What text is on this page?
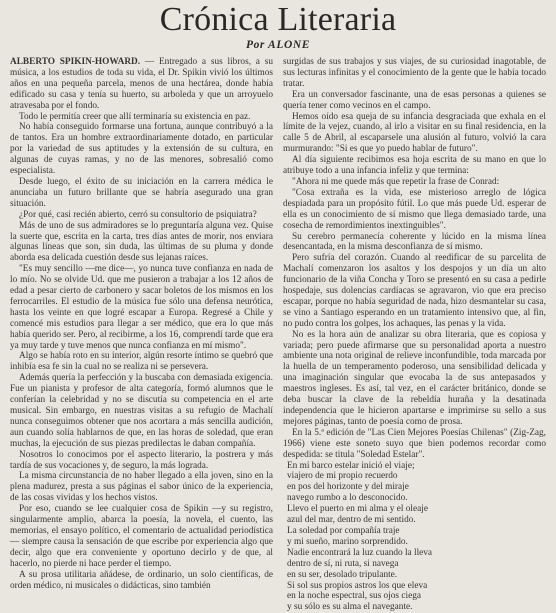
Crónica Literaria
Por ALONE

ALBERTO SPIKIN-HOWARD. — Entregado a sus libros, a su música, a los estudios de toda su vida, el Dr. Spikin vivió los últimos años en una pequeña parcela, menos de una hectárea, donde había edificado su casa y tenía su huerto, su arboleda y que un arroyuelo atravesaba por el fondo.

Todo le permitía creer que allí terminaría su existencia en paz.

No había conseguido formarse una fortuna, aunque contribuyó a la de tantos. Era un hombre extraordinariamente dotado, en particular por la variedad de sus aptitudes y la extensión de su cultura, en algunas de cuyas ramas, y no de las menores, sobresalió como especialista.

Desde luego, el éxito de su iniciación en la carrera médica le anunciaba un futuro brillante que se habría asegurado una gran situación.

¿Por qué, casi recién abierto, cerró su consultorio de psiquiatra?

Más de uno de sus admiradores se lo preguntaría alguna vez. Quise la suerte que, escrita en la carta, tres días antes de morir, nos enviara algunas líneas que son, sin duda, las últimas de su pluma y donde aborda esa delicada cuestión desde sus lejanas raíces.

"Es muy sencillo —me dice—, yo nunca tuve confianza en nada de lo mío. No se olvide Ud. que me pusieron a trabajar a los 12 años de edad a pesar cierto de carbonero y sacar boletos de los mismos en los ferrocarriles. El estudio de la música fue sólo una defensa neurótica, hasta los veinte en que logré escapar a Europa. Regresé a Chile y comencé mis estudios para llegar a ser médico, que era lo que más había querido ser. Pero, al recibirme, a los 16, comprendí tarde que era ya muy tarde y tuve menos que nunca confianza en mí mismo".

Algo se había roto en su interior, algún resorte íntimo se quebró que inhibía esa fe sin la cual no se realiza ni se persevera.

Además quería la perfección y la buscaba con demasiada exigencia. Fue un pianista y profesor de alta categoría, formó alumnos que le conferían la celebridad y no se discutía su competencia en el arte musical. Sin embargo, en nuestras visitas a su refugio de Machalí nunca conseguimos obtener que nos acortara a más sencilla audición, aun cuando solía hablarnos de que, en las horas de soledad, que eran muchas, la ejecución de sus piezas predilectas le daban compañía.

Nosotros lo conocimos por el aspecto literario, la postrera y más tardía de sus vocaciones y, de seguro, la más lograda.

La misma circunstancia de no haber llegado a ella joven, sino en la plena madurez, presta a sus páginas el sabor único de la experiencia, de las cosas vividas y los hechos vistos.

Por eso, cuando se lee cualquier cosa de Spikin —y su registro, singularmente amplio, abarca la poesía, la novela, el cuento, las memorias, el ensayo político, el comentario de actualidad periodística— siempre causa la sensación de que escribe por experiencia algo que decir, algo que era conveniente y oportuno decirlo y de que, al hacerlo, no pierde ni hace perder el tiempo.

A su prosa utilitaria añádese, de ordinario, un solo científicas, de orden médico, ni musicales o didácticas, sino también

surgidas de sus trabajos y sus viajes, de su curiosidad inagotable, de sus lecturas infinitas y el conocimiento de la gente que le había tocado tratar.

Era un conversador fascinante, una de esas personas a quienes se quería tener como vecinos en el campo.

Hemos oído esa queja de su infancia desgraciada que exhala en el límite de la vejez, cuando, al irlo a visitar en su final residencia, en la calle 5 de Abril, al escaparsele una alusión al futuro, volvió la cara murmurando: "Si es que yo puedo hablar de futuro".

Al día siguiente recibimos esa hoja escrita de su mano en que lo atribuye todo a una infancia infeliz y que termina:

"Ahora ni me quede más que repetir la frase de Conrad:

"Cosa extraña es la vida, ese misterioso arreglo de lógica despiadada para un propósito fútil. Lo que más puede Ud. esperar de ella es un conocimiento de sí mismo que llega demasiado tarde, una cosecha de remordimientos inextinguibles".

Su cerebro permanecía coherente y lúcido en la misma línea desencantada, en la misma desconfianza de sí mismo.

Pero sufría del corazón. Cuando al reedificar de su parcelita de Machalí comenzaron los asaltos y los despojos y un día un alto funcionario de la viña Concha y Toro se presentó en su casa a pedirle hospedaje, sus dolencias cardíacas se agravaron, vio que era preciso escapar, porque no había seguridad de nada, hizo desmantelar su casa, se vino a Santiago esperando en un tratamiento intensivo que, al fin, no pudo contra los golpes, los achaques, las penas y la vida.

No es la hora aún de analizar su obra literaria, que es copiosa y variada; pero puede afirmarse que su personalidad aporta a nuestro ambiente una nota original de relieve inconfundible, toda marcada por la huella de un temperamento poderoso, una sensibilidad delicada y una imaginación singular que evocaba la de sus antepasados y maestros ingleses. Es así, tal vez, en el carácter británico, donde se deba buscar la clave de la rebeldía huraña y la desatinada independencia que le hicieron apartarse e imprimirse su sello a sus mejores páginas, tanto de poesía como de prosa.

En la 5.ª edición de "Las Cien Mejores Poesías Chilenas" (Zig-Zag, 1966) viene este soneto suyo que bien podemos recordar como despedida: se titula "Soledad Estelar".

En mi barco estelar inició el viaje;
viajero de mi propio recuerdo
en pos del horizonte y del miraje
navego rumbo a lo desconocido.
Llevo el puerto en mi alma y el oleaje
azul del mar, dentro de mi sentido.
La soledad por compañía traje
y mi sueño, marino sorprendido.
Nadie encontrará la luz cuando la lleva
dentro de sí, ni ruta, si navega
en su ser, desolado tripulante.
Si sol sus propios astros los que eleva
en la noche espectral, sus ojos ciega
y su sólo es su alma el navegante.
